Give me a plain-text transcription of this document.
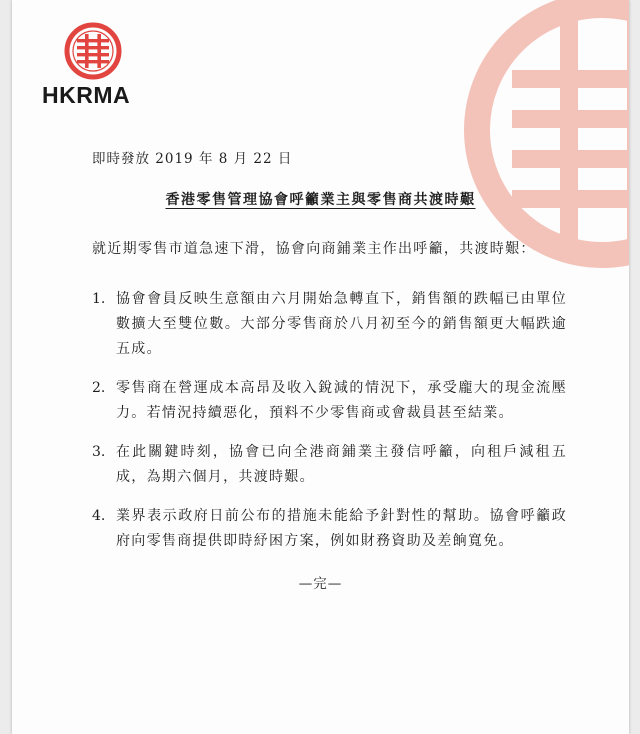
HKRMA
即時發放 2019 年 8 月 22 日
香港零售管理協會呼籲業主與零售商共渡時艱
就近期零售市道急速下滑，協會向商鋪業主作出呼籲，共渡時艱：
1. 協會會員反映生意額由六月開始急轉直下，銷售額的跌幅已由單位數擴大至雙位數。大部分零售商於八月初至今的銷售額更大幅跌逾五成。
2. 零售商在營運成本高昂及收入銳減的情況下，承受龐大的現金流壓力。若情況持續惡化，預料不少零售商或會裁員甚至結業。
3. 在此關鍵時刻，協會已向全港商鋪業主發信呼籲，向租戶減租五成，為期六個月，共渡時艱。
4. 業界表示政府日前公布的措施未能給予針對性的幫助。協會呼籲政府向零售商提供即時紓困方案，例如財務資助及差餉寬免。
—完—
